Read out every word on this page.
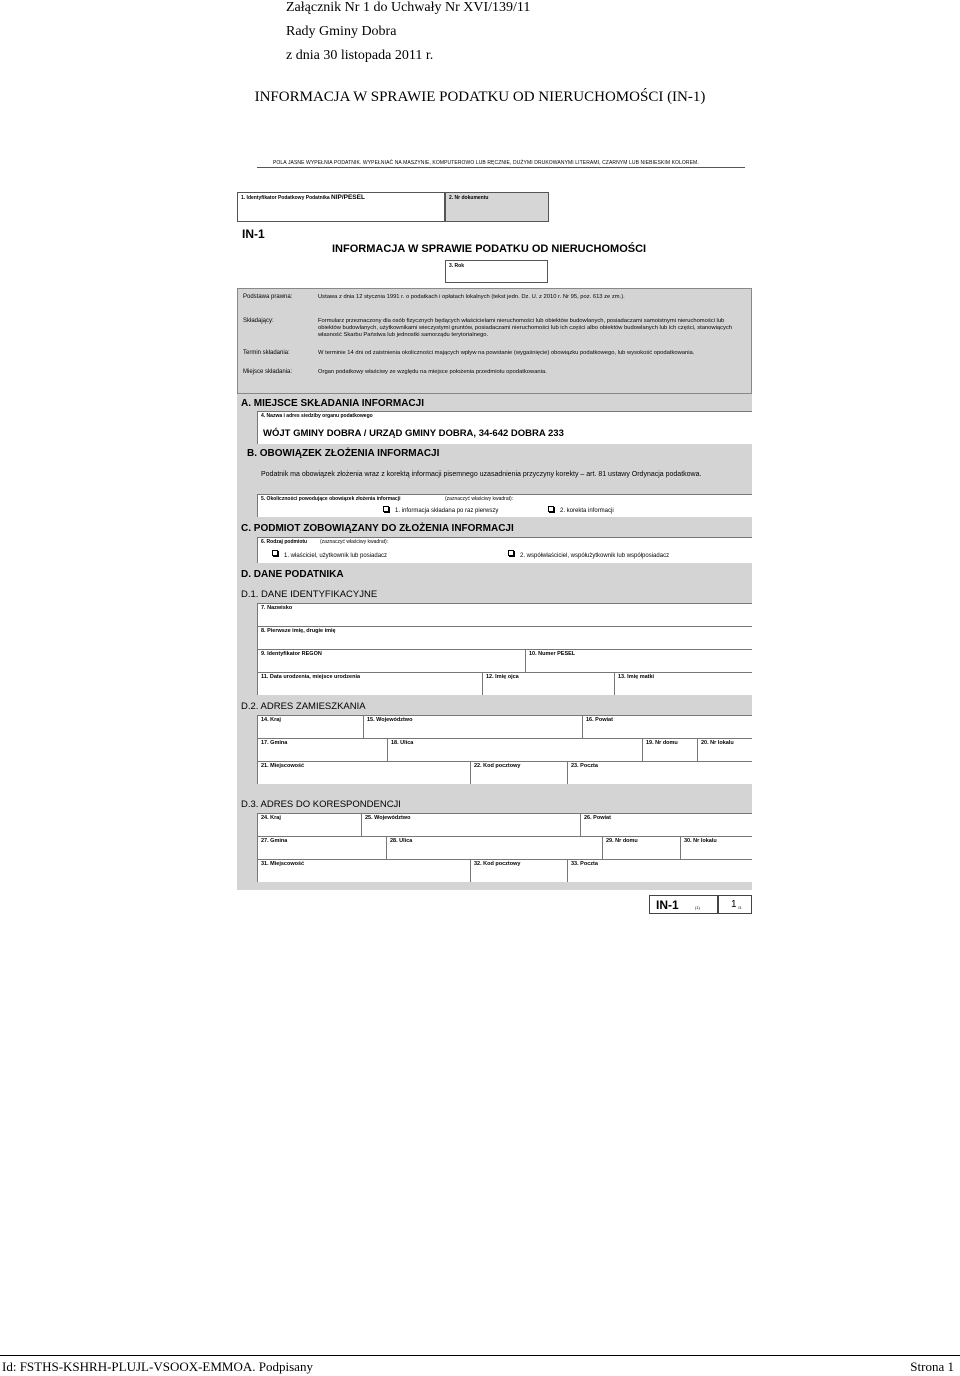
Załącznik Nr 1 do Uchwały Nr XVI/139/11
Rady Gminy Dobra
z dnia 30 listopada 2011 r.
INFORMACJA W SPRAWIE PODATKU OD NIERUCHOMOŚCI (IN-1)
POLA JASNE WYPEŁNIA PODATNIK. WYPEŁNIAĆ NA MASZYNIE, KOMPUTEROWO LUB RĘCZNIE, DUŻYMI DRUKOWANYMI LITERAMI, CZARNYM LUB NIEBIESKIM KOLOREM.
1. Identyfikator Podatkowy Podatnika NIP/PESEL	2. Nr dokumentu
IN-1
INFORMACJA W SPRAWIE PODATKU OD NIERUCHOMOŚCI
3. Rok
Podstawa prawna:	Ustawa z dnia 12 stycznia 1991 r. o podatkach i opłatach lokalnych (tekst jedn. Dz. U. z 2010 r. Nr 95, poz. 613 ze zm.).
Składający:	Formularz przeznaczony dla osób fizycznych będących właścicielami nieruchomości lub obiektów budowlanych, posiadaczami samoistnymi nieruchomości lub obiektów budowlanych, użytkownikami wieczystymi gruntów, posiadaczami nieruchomości lub ich części albo obiektów budowlanych lub ich części, stanowiących własność Skarbu Państwa lub jednostki samorządu terytorialnego.
Termin składania:	W terminie 14 dni od zaistnienia okoliczności mających wpływ na powstanie (wygaśnięcie) obowiązku podatkowego, lub wysokość opodatkowania.
Miejsce składania:	Organ podatkowy właściwy ze względu na miejsce położenia przedmiotu opodatkowania.
A. MIEJSCE SKŁADANIA INFORMACJI
4. Nazwa i adres siedziby organu podatkowego
WÓJT GMINY DOBRA / URZĄD GMINY DOBRA, 34-642 DOBRA 233
B. OBOWIĄZEK ZŁOŻENIA INFORMACJI
Podatnik ma obowiązek złożenia wraz z korektą informacji pisemnego uzasadnienia przyczyny korekty – art. 81 ustawy Ordynacja podatkowa.
5. Okoliczności powodujące obowiązek złożenia informacji	(zaznaczyć właściwy kwadrat):
1. informacja składana po raz pierwszy	2. korekta informacji
C. PODMIOT ZOBOWIĄZANY DO ZŁOŻENIA INFORMACJI
6. Rodzaj podmiotu	(zaznaczyć właściwy kwadrat):
1. właściciel, użytkownik lub posiadacz	2. współwłaściciel, współużytkownik lub współposiadacz
D. DANE PODATNIKA
D.1. DANE IDENTYFIKACYJNE
7. Nazwisko
8. Pierwsze imię, drugie imię
9. Identyfikator REGON	10. Numer PESEL
11. Data urodzenia, miejsce urodzenia	12. Imię ojca	13. Imię matki
D.2. ADRES ZAMIESZKANIA
14. Kraj	15. Województwo	16. Powiat
17. Gmina	18. Ulica	19. Nr domu	20. Nr lokalu
21. Miejscowość	22. Kod pocztowy	23. Poczta
D.3. ADRES DO KORESPONDENCJI
24. Kraj	25. Województwo	26. Powiat
27. Gmina	28. Ulica	29. Nr domu	30. Nr lokalu
31. Miejscowość	32. Kod pocztowy	33. Poczta
IN-1	(1)	1 /3
Id: FSTHS-KSHRH-PLUJL-VSOOX-EMMOA. Podpisany	Strona 1
